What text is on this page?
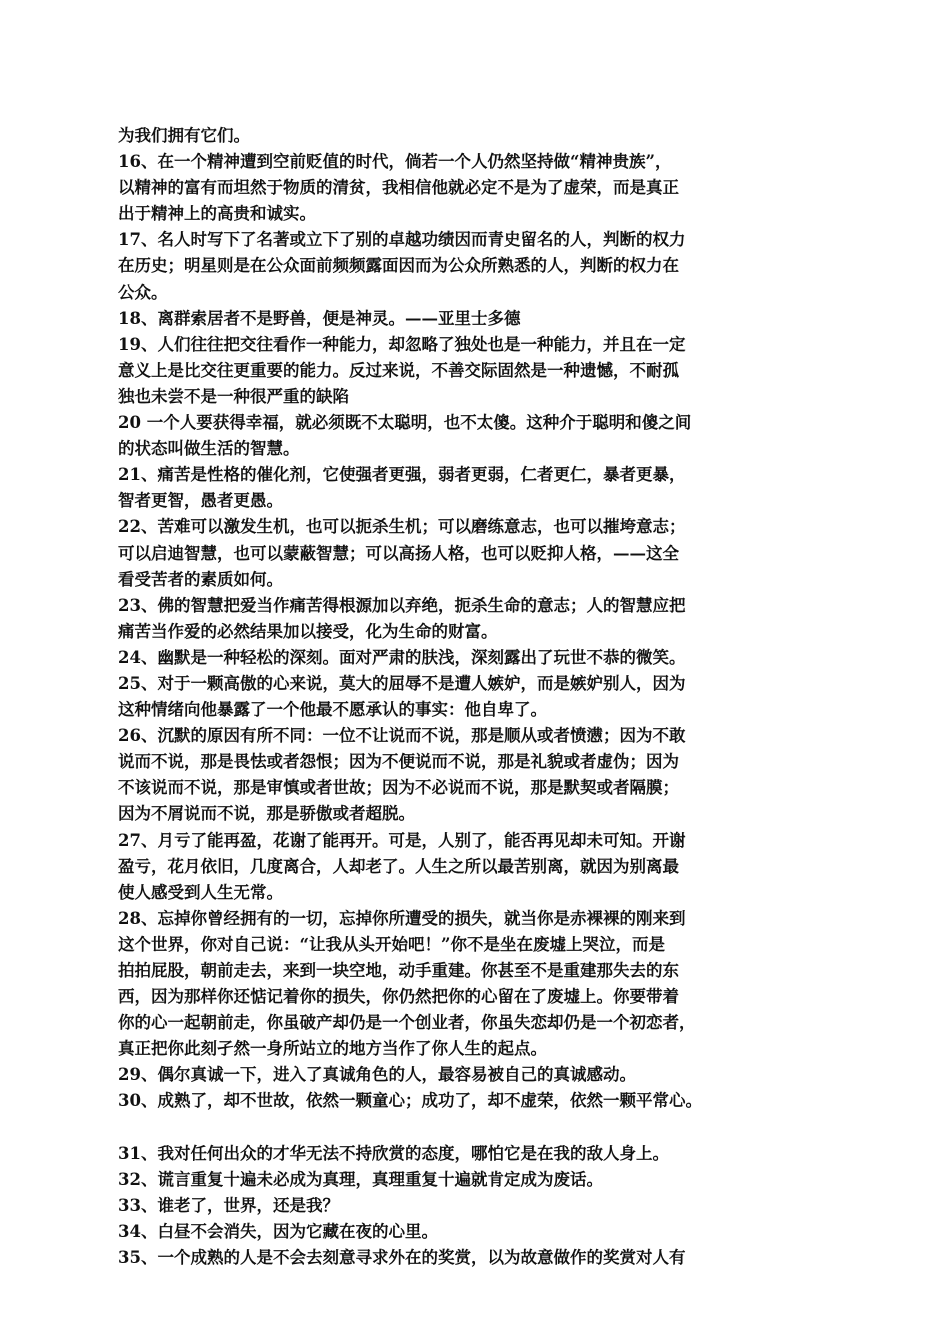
为我们拥有它们。
16、在一个精神遭到空前贬值的时代，倘若一个人仍然坚持做“精神贵族”，
以精神的富有而坦然于物质的清贫，我相信他就必定不是为了虚荣，而是真正
出于精神上的高贵和诚实。
17、名人时写下了名著或立下了别的卓越功绩因而青史留名的人，判断的权力
在历史；明星则是在公众面前频频露面因而为公众所熟悉的人，判断的权力在
公众。
18、离群索居者不是野兽，便是神灵。——亚里士多德
19、人们往往把交往看作一种能力，却忽略了独处也是一种能力，并且在一定
意义上是比交往更重要的能力。反过来说，不善交际固然是一种遗憾，不耐孤
独也未尝不是一种很严重的缺陷
20 一个人要获得幸福，就必须既不太聪明，也不太傻。这种介于聪明和傻之间
的状态叫做生活的智慧。
21、痛苦是性格的催化剂，它使强者更强，弱者更弱，仁者更仁，暴者更暴，
智者更智，愚者更愚。
22、苦难可以激发生机，也可以扼杀生机；可以磨练意志，也可以摧垮意志；
可以启迪智慧，也可以蒙蔽智慧；可以高扬人格，也可以贬抑人格，——这全
看受苦者的素质如何。
23、佛的智慧把爱当作痛苦得根源加以弃绝，扼杀生命的意志；人的智慧应把
痛苦当作爱的必然结果加以接受，化为生命的财富。
24、幽默是一种轻松的深刻。面对严肃的肤浅，深刻露出了玩世不恭的微笑。
25、对于一颗高傲的心来说，莫大的屈辱不是遭人嫉妒，而是嫉妒别人，因为
这种情绪向他暴露了一个他最不愿承认的事实：他自卑了。
26、沉默的原因有所不同：一位不让说而不说，那是顺从或者愤懑；因为不敢
说而不说，那是畏怯或者怨恨；因为不便说而不说，那是礼貌或者虚伪；因为
不该说而不说，那是审慎或者世故；因为不必说而不说，那是默契或者隔膜；
因为不屑说而不说，那是骄傲或者超脱。
27、月亏了能再盈，花谢了能再开。可是，人别了，能否再见却未可知。开谢
盈亏，花月依旧，几度离合，人却老了。人生之所以最苦别离，就因为别离最
使人感受到人生无常。
28、忘掉你曾经拥有的一切，忘掉你所遭受的损失，就当你是赤裸裸的刚来到
这个世界，你对自己说：“让我从头开始吧！”你不是坐在废墟上哭泣，而是
拍拍屁股，朝前走去，来到一块空地，动手重建。你甚至不是重建那失去的东
西，因为那样你还惦记着你的损失，你仍然把你的心留在了废墟上。你要带着
你的心一起朝前走，你虽破产却仍是一个创业者，你虽失恋却仍是一个初恋者，
真正把你此刻孑然一身所站立的地方当作了你人生的起点。
29、偶尔真诚一下，进入了真诚角色的人，最容易被自己的真诚感动。
30、成熟了，却不世故，依然一颗童心；成功了，却不虚荣，依然一颗平常心。
31、我对任何出众的才华无法不持欣赏的态度，哪怕它是在我的敌人身上。
32、谎言重复十遍未必成为真理，真理重复十遍就肯定成为废话。
33、谁老了，世界，还是我？
34、白昼不会消失，因为它藏在夜的心里。
35、一个成熟的人是不会去刻意寻求外在的奖赏，以为故意做作的奖赏对人有
